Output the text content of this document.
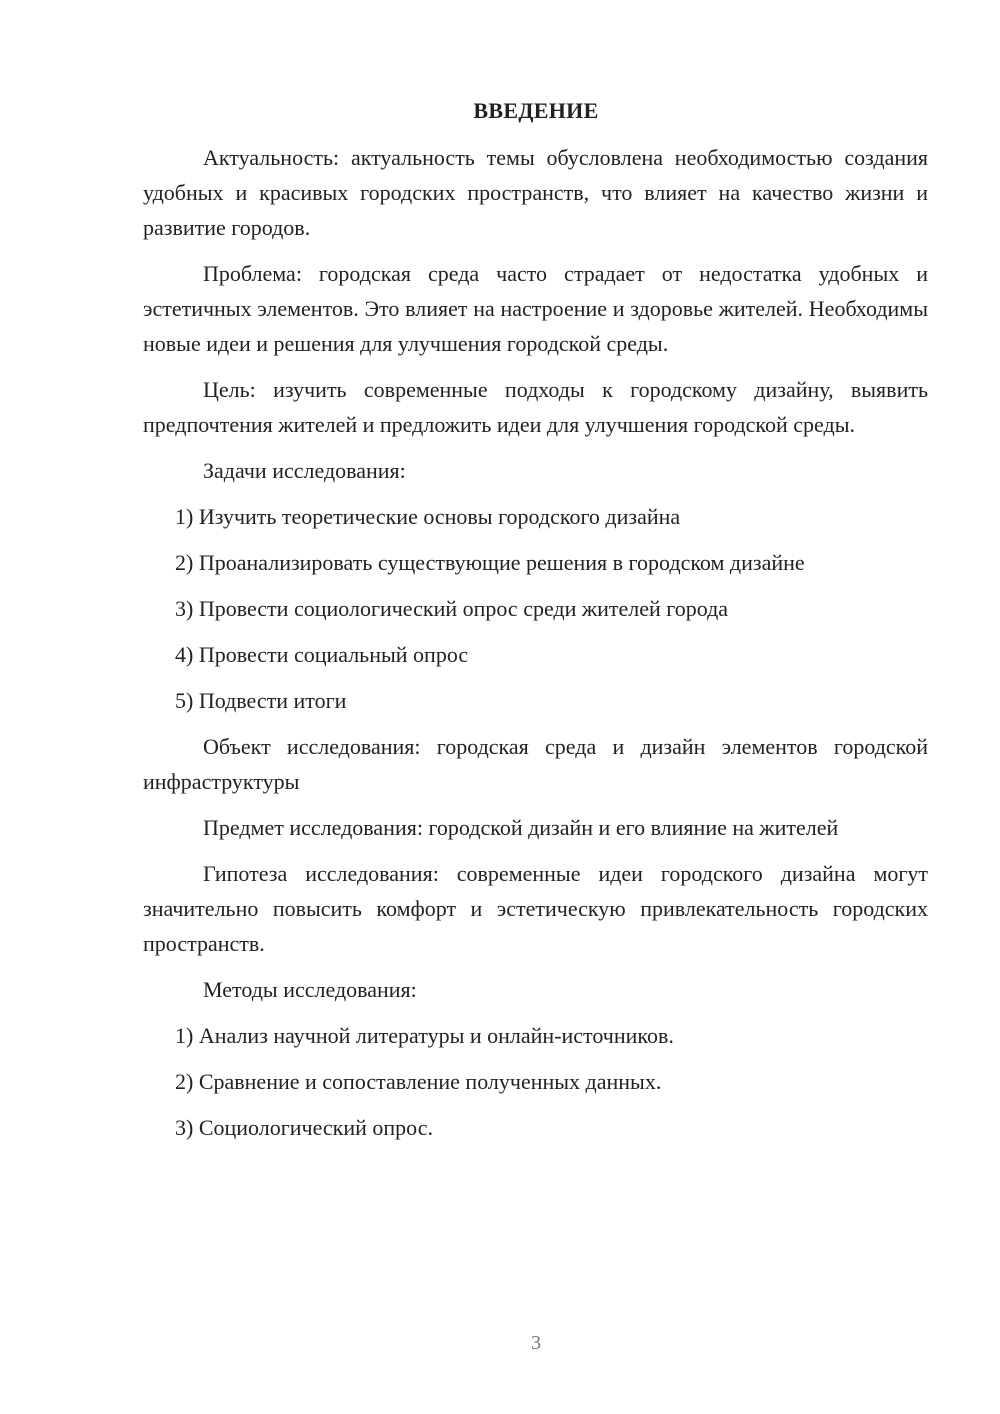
ВВЕДЕНИЕ

Актуальность: актуальность темы обусловлена необходимостью создания удобных и красивых городских пространств, что влияет на качество жизни и развитие городов.

Проблема: городская среда часто страдает от недостатка удобных и эстетичных элементов. Это влияет на настроение и здоровье жителей. Необходимы новые идеи и решения для улучшения городской среды.

Цель: изучить современные подходы к городскому дизайну, выявить предпочтения жителей и предложить идеи для улучшения городской среды.

Задачи исследования:

1) Изучить теоретические основы городского дизайна
2) Проанализировать существующие решения в городском дизайне
3) Провести социологический опрос среди жителей города
4) Провести социальный опрос
5) Подвести итоги

Объект исследования: городская среда и дизайн элементов городской инфраструктуры

Предмет исследования: городской дизайн и его влияние на жителей

Гипотеза исследования: современные идеи городского дизайна могут значительно повысить комфорт и эстетическую привлекательность городских пространств.

Методы исследования:

1) Анализ научной литературы и онлайн-источников.
2) Сравнение и сопоставление полученных данных.
3) Социологический опрос.
3
